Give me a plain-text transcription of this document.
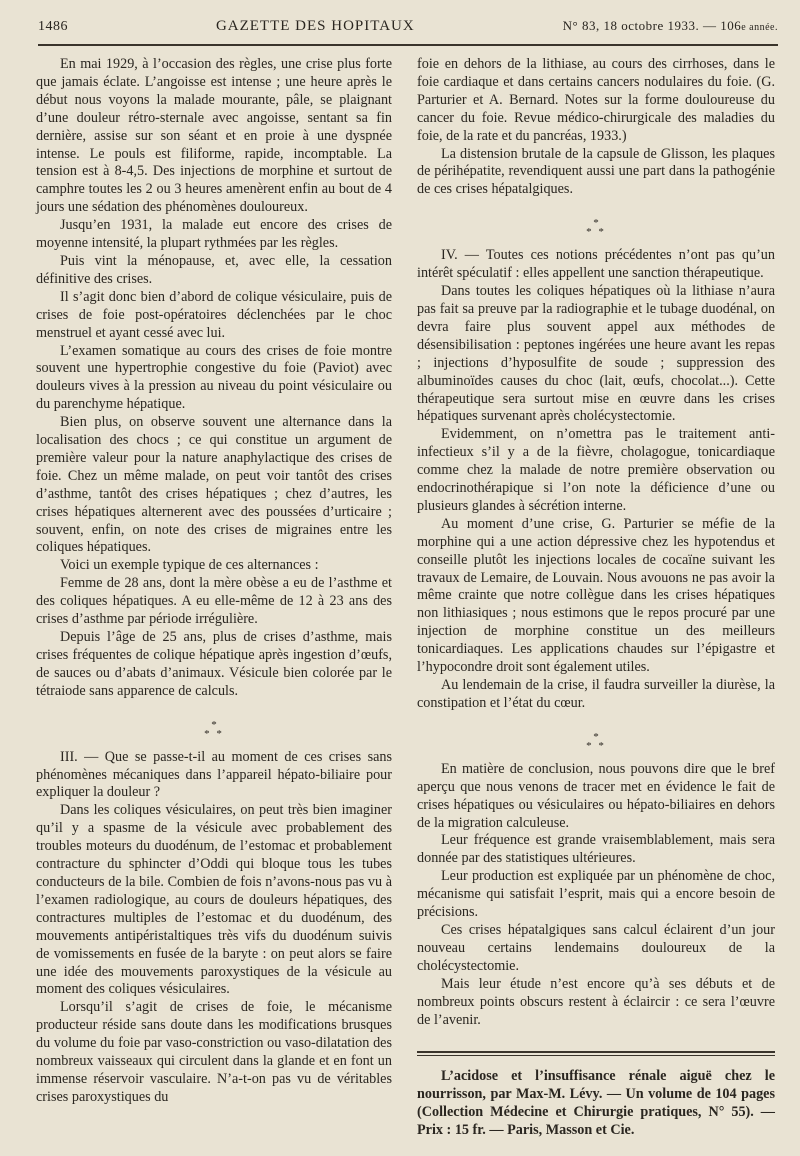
1486	GAZETTE DES HOPITAUX	N° 83, 18 octobre 1933. — 106e année.

En mai 1929, à l’occasion des règles, une crise plus forte que jamais éclate. L’angoisse est intense ; une heure après le début nous voyons la malade mourante, pâle, se plaignant d’une douleur rétro-sternale avec angoisse, sentant sa fin dernière, assise sur son séant et en proie à une dyspnée intense. Le pouls est filiforme, rapide, incomptable. La tension est à 8-4,5. Des injections de morphine et surtout de camphre toutes les 2 ou 3 heures amenèrent enfin au bout de 4 jours une sédation des phénomènes douloureux.

Jusqu’en 1931, la malade eut encore des crises de moyenne intensité, la plupart rythmées par les règles.

Puis vint la ménopause, et, avec elle, la cessation définitive des crises.

Il s’agit donc bien d’abord de colique vésiculaire, puis de crises de foie post-opératoires déclenchées par le choc menstruel et ayant cessé avec lui.

L’examen somatique au cours des crises de foie montre souvent une hypertrophie congestive du foie (Paviot) avec douleurs vives à la pression au niveau du point vésiculaire ou du parenchyme hépatique.

Bien plus, on observe souvent une alternance dans la localisation des chocs ; ce qui constitue un argument de première valeur pour la nature anaphylactique des crises de foie. Chez un même malade, on peut voir tantôt des crises d’asthme, tantôt des crises hépatiques ; chez d’autres, les crises hépatiques alternerent avec des poussées d’urticaire ; souvent, enfin, on note des crises de migraines entre les coliques hépatiques.

Voici un exemple typique de ces alternances :

Femme de 28 ans, dont la mère obèse a eu de l’asthme et des coliques hépatiques. A eu elle-même de 12 à 23 ans des crises d’asthme par période irrégulière.

Depuis l’âge de 25 ans, plus de crises d’asthme, mais crises fréquentes de colique hépatique après ingestion d’œufs, de sauces ou d’abats d’animaux. Vésicule bien colorée par le tétraiode sans apparence de calculs.

*
* *

III. — Que se passe-t-il au moment de ces crises sans phénomènes mécaniques dans l’appareil hépato-biliaire pour expliquer la douleur ?

Dans les coliques vésiculaires, on peut très bien imaginer qu’il y a spasme de la vésicule avec probablement des troubles moteurs du duodénum, de l’estomac et probablement contracture du sphincter d’Oddi qui bloque tous les tubes conducteurs de la bile. Combien de fois n’avons-nous pas vu à l’examen radiologique, au cours de douleurs hépatiques, des contractures multiples de l’estomac et du duodénum, des mouvements antipéristaltiques très vifs du duodénum suivis de vomissements en fusée de la baryte : on peut alors se faire une idée des mouvements paroxystiques de la vésicule au moment des coliques vésiculaires.

Lorsqu’il s’agit de crises de foie, le mécanisme producteur réside sans doute dans les modifications brusques du volume du foie par vaso-constriction ou vaso-dilatation des nombreux vaisseaux qui circulent dans la glande et en font un immense réservoir vasculaire. N’a-t-on pas vu de véritables crises paroxystiques du

foie en dehors de la lithiase, au cours des cirrhoses, dans le foie cardiaque et dans certains cancers nodulaires du foie. (G. Parturier et A. Bernard. Notes sur la forme douloureuse du cancer du foie. Revue médico-chirurgicale des maladies du foie, de la rate et du pancréas, 1933.)

La distension brutale de la capsule de Glisson, les plaques de périhépatite, revendiquent aussi une part dans la pathogénie de ces crises hépatalgiques.

*
* *

IV. — Toutes ces notions précédentes n’ont pas qu’un intérêt spéculatif : elles appellent une sanction thérapeutique.

Dans toutes les coliques hépatiques où la lithiase n’aura pas fait sa preuve par la radiographie et le tubage duodénal, on devra faire plus souvent appel aux méthodes de désensibilisation : peptones ingérées une heure avant les repas ; injections d’hyposulfite de soude ; suppression des albuminoïdes causes du choc (lait, œufs, chocolat...). Cette thérapeutique sera surtout mise en œuvre dans les crises hépatiques survenant après cholécystectomie.

Evidemment, on n’omettra pas le traitement anti-infectieux s’il y a de la fièvre, cholagogue, tonicardiaque comme chez la malade de notre première observation ou endocrinothérapique si l’on note la déficience d’une ou plusieurs glandes à sécrétion interne.

Au moment d’une crise, G. Parturier se méfie de la morphine qui a une action dépressive chez les hypotendus et conseille plutôt les injections locales de cocaïne suivant les travaux de Lemaire, de Louvain. Nous avouons ne pas avoir la même crainte que notre collègue dans les crises hépatiques non lithiasiques ; nous estimons que le repos procuré par une injection de morphine constitue un des meilleurs tonicardiaques. Les applications chaudes sur l’épigastre et l’hypocondre droit sont également utiles.

Au lendemain de la crise, il faudra surveiller la diurèse, la constipation et l’état du cœur.

*
* *

En matière de conclusion, nous pouvons dire que le bref aperçu que nous venons de tracer met en évidence le fait de crises hépatiques ou vésiculaires ou hépato-biliaires en dehors de la migration calculeuse.

Leur fréquence est grande vraisemblablement, mais sera donnée par des statistiques ultérieures.

Leur production est expliquée par un phénomène de choc, mécanisme qui satisfait l’esprit, mais qui a encore besoin de précisions.

Ces crises hépatalgiques sans calcul éclairent d’un jour nouveau certains lendemains douloureux de la cholécystectomie.

Mais leur étude n’est encore qu’à ses débuts et de nombreux points obscurs restent à éclaircir : ce sera l’œuvre de l’avenir.

L’acidose et l’insuffisance rénale aiguë chez le nourrisson, par Max-M. Lévy. — Un volume de 104 pages (Collection Médecine et Chirurgie pratiques, N° 55). — Prix : 15 fr. — Paris, Masson et Cie.
